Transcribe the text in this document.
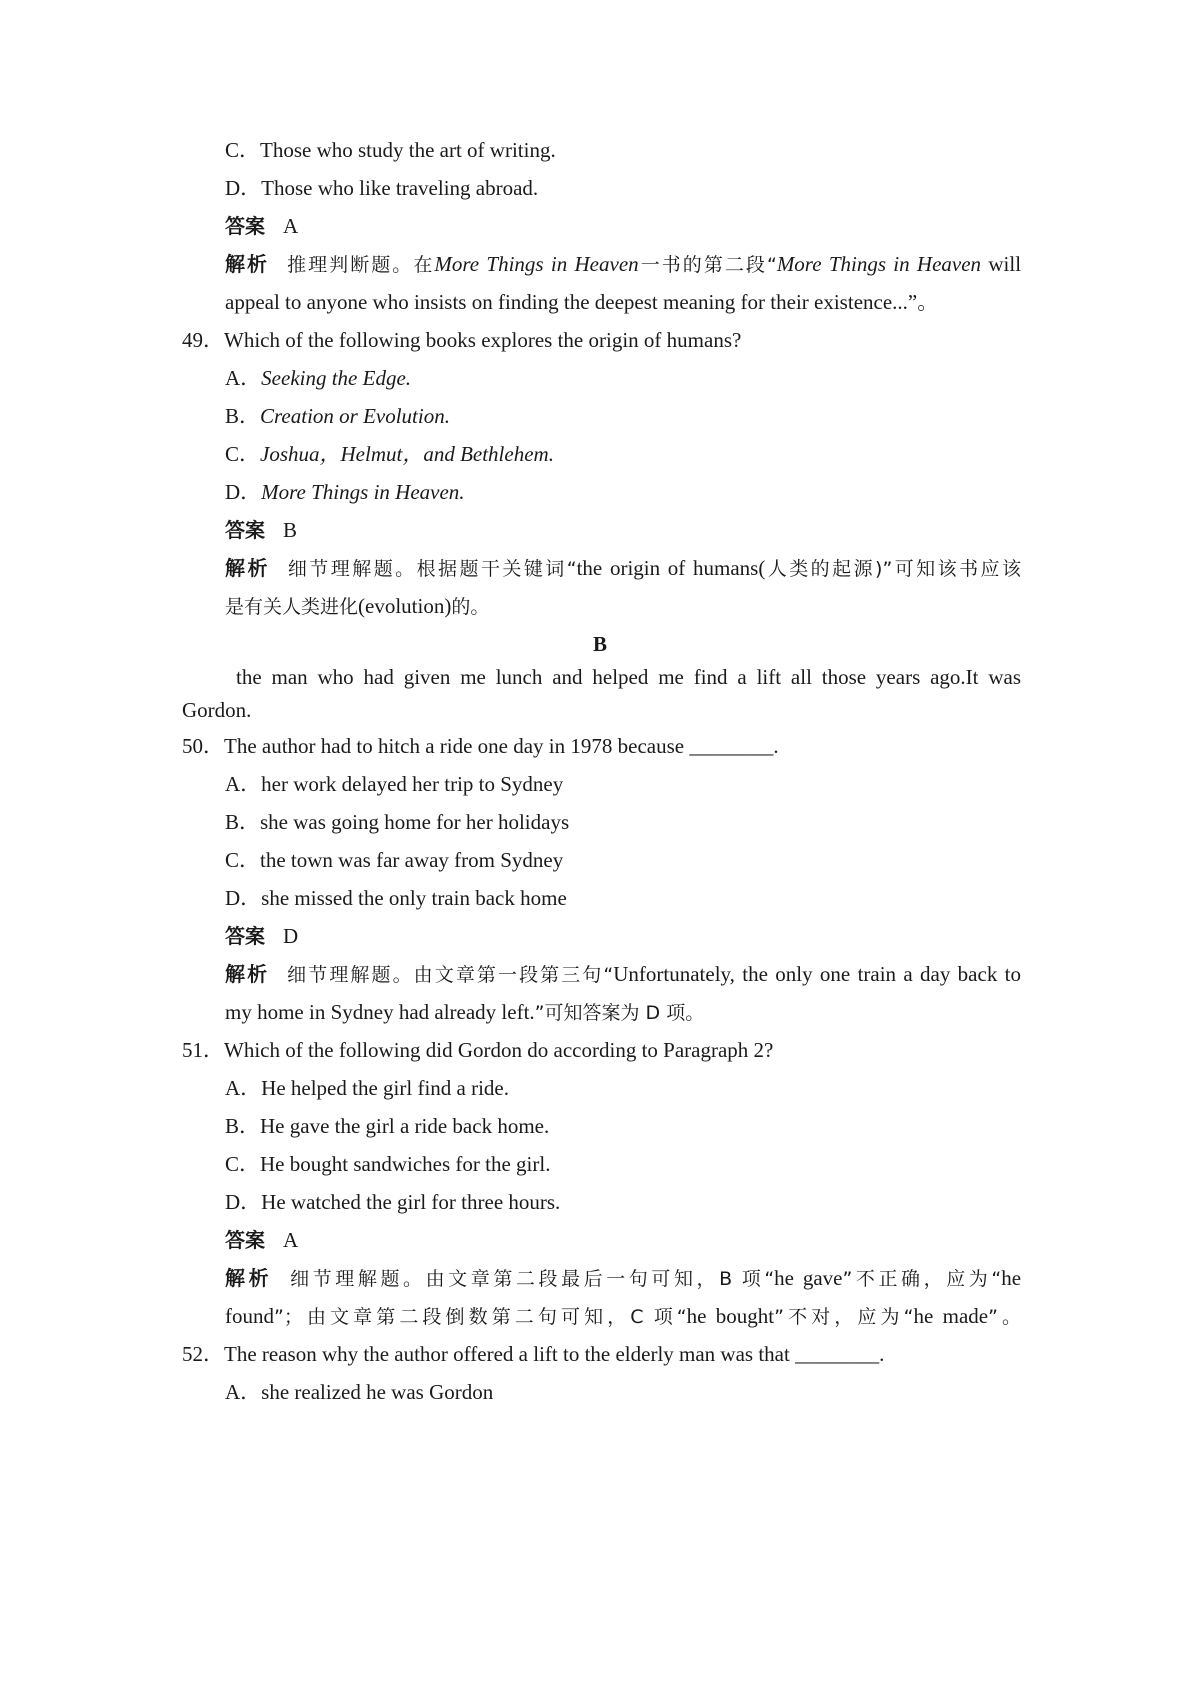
C．Those who study the art of writing.
D．Those who like traveling abroad.
答案 A
解析 推理判断题。在More Things in Heaven一书的第二段“More Things in Heaven will
appeal to anyone who insists on finding the deepest meaning for their existence...”。
49．Which of the following books explores the origin of humans?
A．Seeking the Edge.
B．Creation or Evolution.
C．Joshua，Helmut，and Bethlehem.
D．More Things in Heaven.
答案 B
解析 细节理解题。根据题干关键词“the origin of humans(人类的起源)”可知该书应该
是有关人类进化(evolution)的。
B
the man who had given me lunch and helped me find a lift all those years ago.It was
Gordon.
50．The author had to hitch a ride one day in 1978 because ________.
A．her work delayed her trip to Sydney
B．she was going home for her holidays
C．the town was far away from Sydney
D．she missed the only train back home
答案 D
解析 细节理解题。由文章第一段第三句“Unfortunately, the only one train a day back to
my home in Sydney had already left.”可知答案为 D 项。
51．Which of the following did Gordon do according to Paragraph 2?
A．He helped the girl find a ride.
B．He gave the girl a ride back home.
C．He bought sandwiches for the girl.
D．He watched the girl for three hours.
答案 A
解析 细节理解题。由文章第二段最后一句可知，B 项“he gave”不正确，应为“he
found”；由文章第二段倒数第二句可知，C 项“he bought”不对，应为“he made”。
52．The reason why the author offered a lift to the elderly man was that ________.
A．she realized he was Gordon
